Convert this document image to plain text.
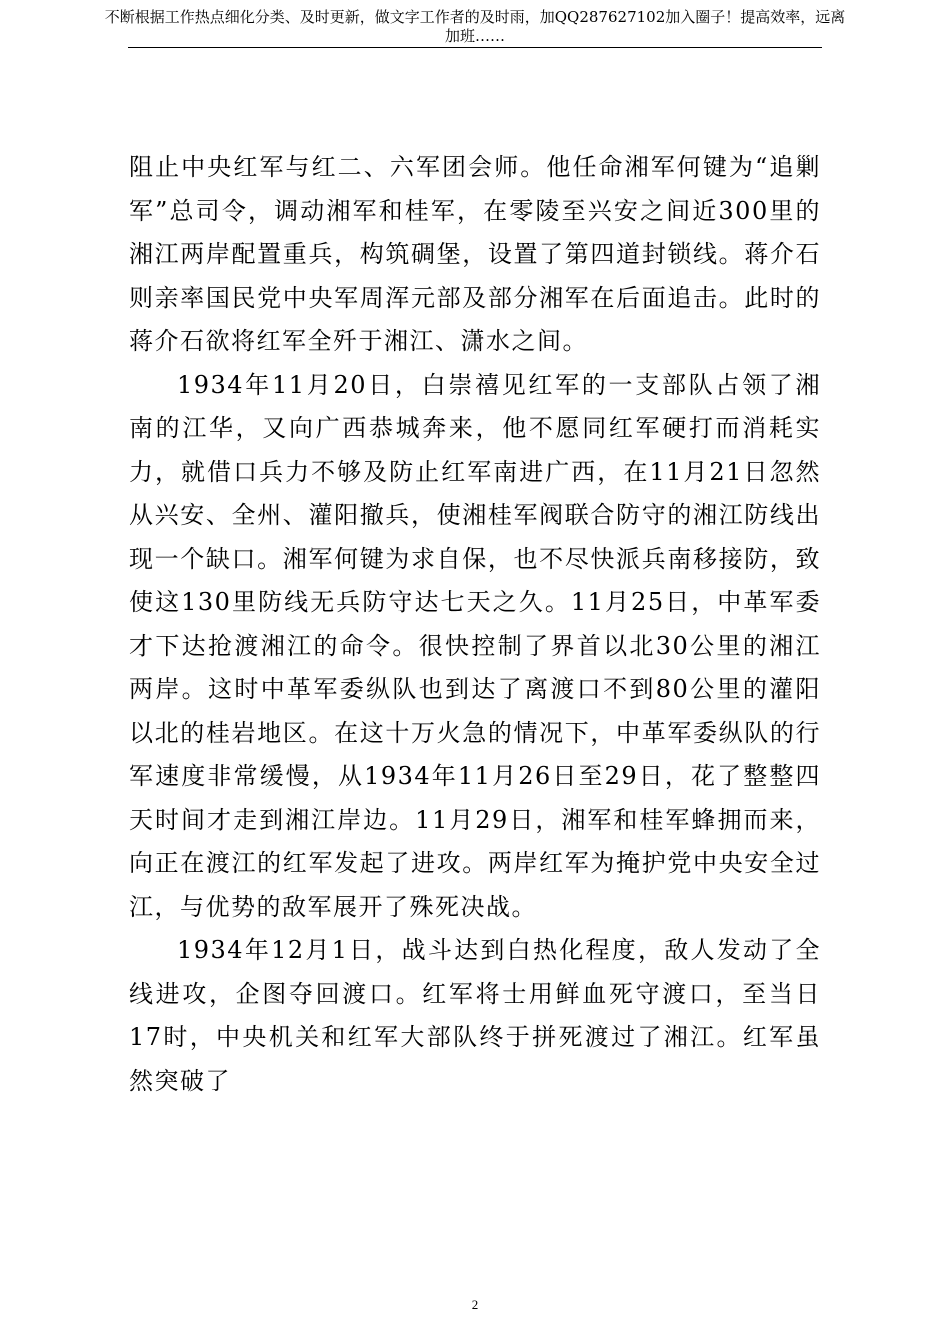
不断根据工作热点细化分类、及时更新，做文字工作者的及时雨，加QQ287627102加入圈子！提高效率，远离加班……

阻止中央红军与红二、六军团会师。他任命湘军何键为“追剿军”总司令，调动湘军和桂军，在零陵至兴安之间近300里的湘江两岸配置重兵，构筑碉堡，设置了第四道封锁线。蒋介石则亲率国民党中央军周浑元部及部分湘军在后面追击。此时的蒋介石欲将红军全歼于湘江、潇水之间。

1934年11月20日，白崇禧见红军的一支部队占领了湘南的江华，又向广西恭城奔来，他不愿同红军硬打而消耗实力，就借口兵力不够及防止红军南进广西，在11月21日忽然从兴安、全州、灌阳撤兵，使湘桂军阀联合防守的湘江防线出现一个缺口。湘军何键为求自保，也不尽快派兵南移接防，致使这130里防线无兵防守达七天之久。11月25日，中革军委才下达抢渡湘江的命令。很快控制了界首以北30公里的湘江两岸。这时中革军委纵队也到达了离渡口不到80公里的灌阳以北的桂岩地区。在这十万火急的情况下，中革军委纵队的行军速度非常缓慢，从1934年11月26日至29日，花了整整四天时间才走到湘江岸边。11月29日，湘军和桂军蜂拥而来，向正在渡江的红军发起了进攻。两岸红军为掩护党中央安全过江，与优势的敌军展开了殊死决战。

1934年12月1日，战斗达到白热化程度，敌人发动了全线进攻，企图夺回渡口。红军将士用鲜血死守渡口，至当日17时，中央机关和红军大部队终于拼死渡过了湘江。红军虽然突破了

2
